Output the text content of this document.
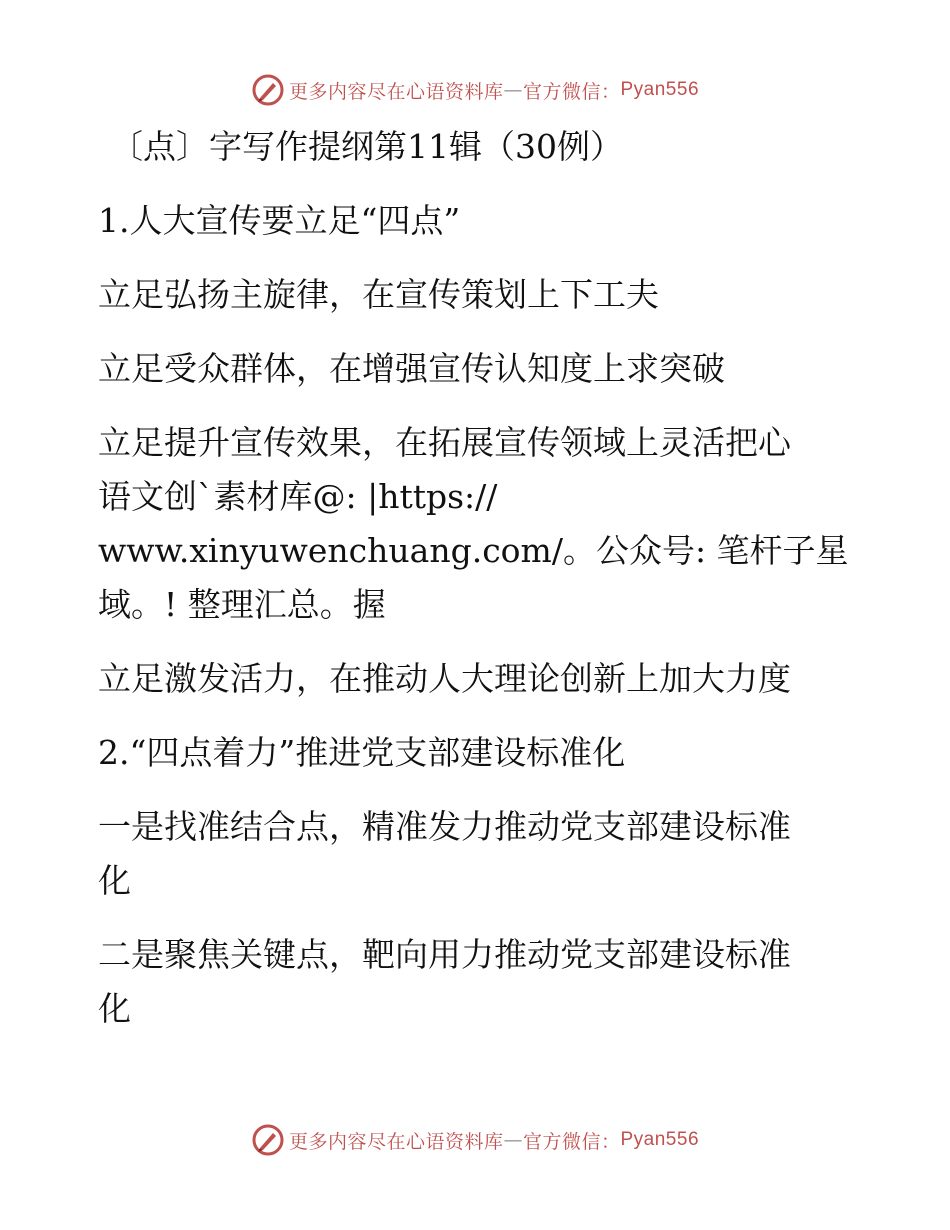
更多内容尽在心语资料库 — 官方微信： Pyan556
〔点〕字写作提纲第11辑（30例）
1.人大宣传要立足“四点”
立足弘扬主旋律，在宣传策划上下工夫
立足受众群体，在增强宣传认知度上求突破
立足提升宣传效果，在拓展宣传领域上灵活把心
语文创`素材库@: |https://
www.xinyuwenchuang.com/。公众号: 笔杆子星
域。! 整理汇总。握
立足激发活力，在推动人大理论创新上加大力度
2.“四点着力”推进党支部建设标准化
一是找准结合点，精准发力推动党支部建设标准
化
二是聚焦关键点，靶向用力推动党支部建设标准
化
更多内容尽在心语资料库 — 官方微信： Pyan556
